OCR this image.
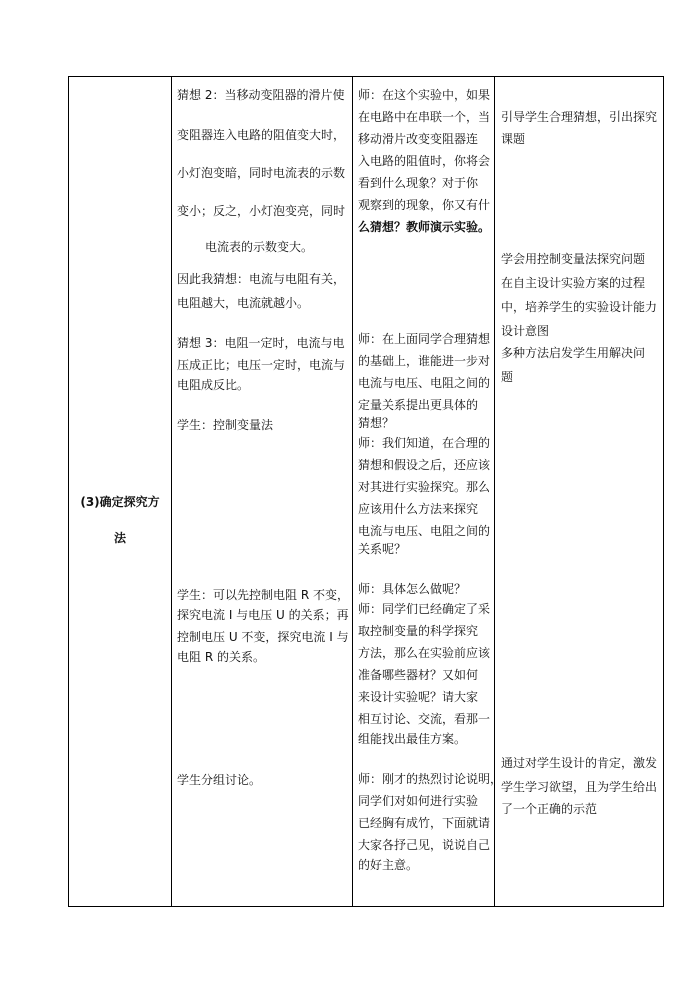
(3)确定探究方
法
猜想 2：当移动变阻器的滑片使
变阻器连入电路的阻值变大时，
小灯泡变暗，同时电流表的示数
变小；反之，小灯泡变亮，同时
电流表的示数变大。
因此我猜想：电流与电阻有关，
电阻越大，电流就越小。
猜想 3：电阻一定时，电流与电
压成正比；电压一定时，电流与
电阻成反比。
学生：控制变量法
学生：可以先控制电阻 R 不变，
探究电流 I 与电压 U 的关系；再
控制电压 U 不变，探究电流 I 与
电阻 R 的关系。
学生分组讨论。
师：在这个实验中，如果
在电路中在串联一个，当
移动滑片改变变阻器连
入电路的阻值时，你将会
看到什么现象？对于你
观察到的现象，你又有什
么猜想？教师演示实验。
师：在上面同学合理猜想
的基础上，谁能进一步对
电流与电压、电阻之间的
定量关系提出更具体的
猜想？
师：我们知道，在合理的
猜想和假设之后，还应该
对其进行实验探究。那么
应该用什么方法来探究
电流与电压、电阻之间的
关系呢？
师：具体怎么做呢？
师：同学们已经确定了采
取控制变量的科学探究
方法，那么在实验前应该
准备哪些器材？又如何
来设计实验呢？请大家
相互讨论、交流，看那一
组能找出最佳方案。
师：刚才的热烈讨论说明，
同学们对如何进行实验
已经胸有成竹，下面就请
大家各抒己见，说说自己
的好主意。
引导学生合理猜想，引出探究
课题
学会用控制变量法探究问题
在自主设计实验方案的过程
中，培养学生的实验设计能力
设计意图
多种方法启发学生用解决问
题
通过对学生设计的肯定，激发
学生学习欲望，且为学生给出
了一个正确的示范
